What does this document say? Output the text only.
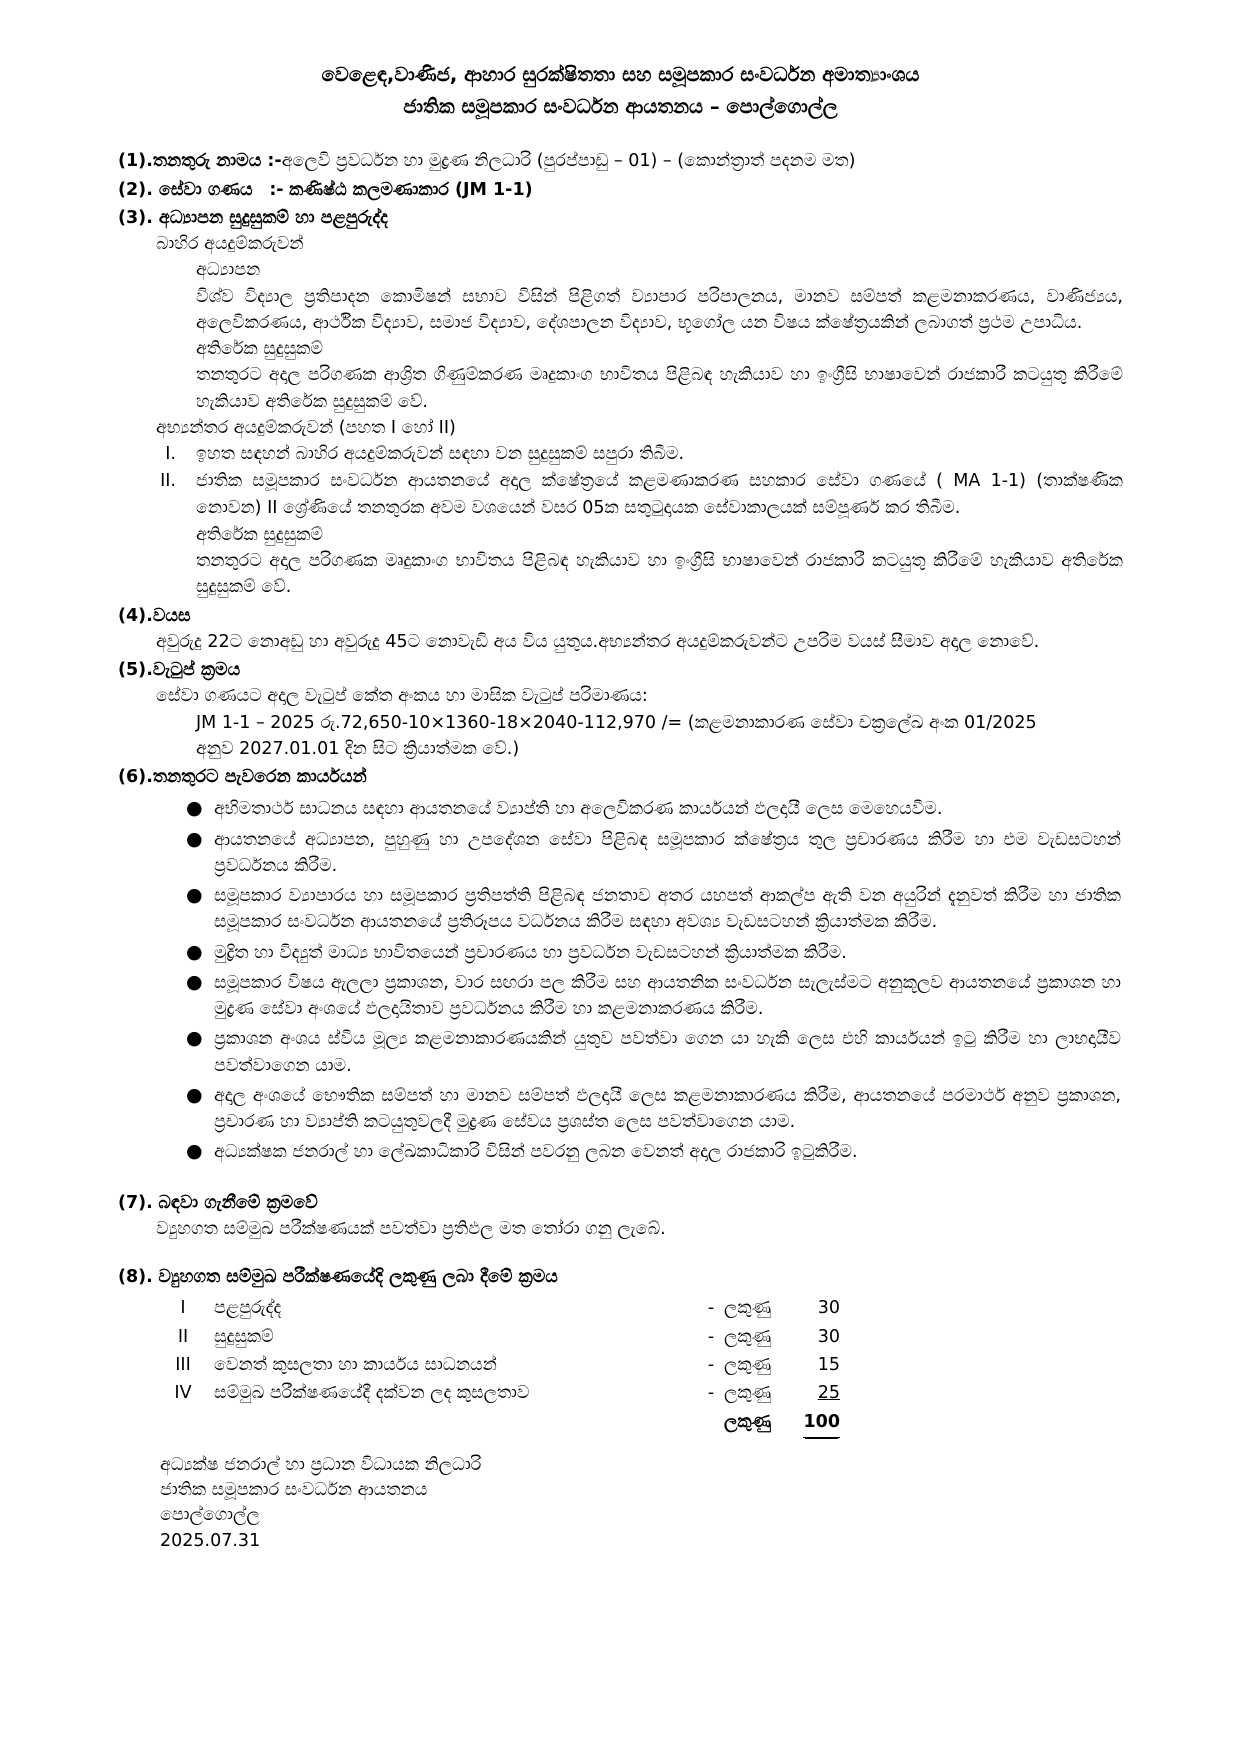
වෙළෙඳ,වාණිජ, ආහාර සුරක්ෂිතතා සහ සමූපකාර සංවර්ධන අමාත්‍යාංශය
ජාතික සමූපකාර සංවර්ධන ආයතනය – පොල්ගොල්ල
(1).තනතුරු නාමය :-අලෙවි ප්‍රවර්ධන හා මුද්‍රණ නිලධාරි (පුරප්පාඩු – 01) – (කොන්ත්‍රාත් පදනම මත)
(2). සේවා ගණය :- කණිෂ්ඨ කලමණාකාර (JM 1-1)
(3). අධ්‍යාපන සුදුසුකම් හා පළපුරුද්ද
බාහිර අයදුම්කරුවන්
අධ්‍යාපන
විශ්ව විද්‍යාල ප්‍රතිපාදන කොමිෂන් සභාව විසින් පිළිගත් ව්‍යාපාර පරිපාලනය, මානව සම්පත් කළමනාකරණය, වාණිජ්‍යය, අලෙවිකරණය, ආර්ථික විද්‍යාව, සමාජ විද්‍යාව, දේශපාලන විද්‍යාව, භූගෝල යන විෂය ක්ෂේත්‍රයකින් ලබාගත් ප්‍රථම උපාධිය.
අතිරේක සුදුසුකම්
තනතුරට අදාල පරිගණක ආශ්‍රිත ගිණුම්කරණ මෘදුකාංග භාවිතය පිළිබඳ හැකියාව හා ඉංග්‍රීසි භාෂාවෙන් රාජකාරී කටයුතු කිරීමේ හැකියාව අතිරේක සුදුසුකම් වේ.
අභ්‍යන්තර අයදුම්කරුවන් (පහත I හෝ II)
I.	ඉහත සඳහන් බාහිර අයදුම්කරුවන් සඳහා වන සුදුසුකම් සපුරා තිබීම.
II.	ජාතික සමූපකාර සංවර්ධන ආයතනයේ අදාල ක්ෂේත්‍රයේ කළමණාකරණ සහකාර සේවා ගණයේ ( MA 1-1) (තාක්ෂණික නොවන) II ශ්‍රේණියේ තනතුරක අවම වශයෙන් වසර 05ක සතුටුදායක සේවාකාලයක් සම්පූර්ණ කර තිබීම.
අතිරේක සුදුසුකම්
තනතුරට අදාල පරිගණක මෘදුකාංග භාවිතය පිළිබඳ හැකියාව හා ඉංග්‍රීසි භාෂාවෙන් රාජකාරී කටයුතු කිරීමේ හැකියාව අතිරේක සුදුසුකම් වේ.
(4).වයස
අවුරුදු 22ට නොඅඩු හා අවුරුදු 45ට නොවැඩි අය විය යුතුය.අභ්‍යන්තර අයදුම්කරුවන්ට උපරිම වයස් සීමාව අදාල නොවේ.
(5).වැටුප් ක්‍රමය
සේවා ගණයට අදාල වැටුප් කේත අංකය හා මාසික වැටුප් පරිමාණය:
JM 1-1 – 2025 රු.72,650-10×1360-18×2040-112,970 /= (කළමනාකාරණ සේවා චක්‍රලේඛ අංක 01/2025
අනුව 2027.01.01 දින සිට ක්‍රියාත්මක වේ.)
(6).තනතුරට පැවරෙන කාර්යයන්
● අභිමතාර්ථ සාධනය සඳහා ආයතනයේ ව්‍යාප්ති හා අලෙවිකරණ කාර්යයන් ඵලදායී ලෙස මෙහෙයවීම.
● ආයතනයේ අධ්‍යාපන, පුහුණු හා උපදේශන සේවා පිළිබඳ සමූපකාර ක්ෂේත්‍රය තුල ප්‍රචාරණය කිරීම හා එම වැඩසටහන් ප්‍රවර්ධනය කිරීම.
● සමූපකාර ව්‍යාපාරය හා සමූපකාර ප්‍රතිපත්ති පිළිබඳ ජනතාව අතර යහපත් ආකල්ප ඇති වන අයුරින් දැනුවත් කිරීම හා ජාතික සමූපකාර සංවර්ධන ආයතනයේ ප්‍රතිරූපය වර්ධනය කිරීම සඳහා අවශ්‍ය වැඩසටහන් ක්‍රියාත්මක කිරීම.
● මුද්‍රිත හා විද්‍යුත් මාධ්‍ය භාවිතයෙන් ප්‍රචාරණය හා ප්‍රවර්ධන වැඩසටහන් ක්‍රියාත්මක කිරීම.
● සමූපකාර විෂය ඇලලා ප්‍රකාශන, වාර සඟරා පල කිරීම සහ ආයතනික සංවර්ධන සැලැස්මට අනුකූලව ආයතනයේ ප්‍රකාශන හා මුද්‍රණ සේවා අංශයේ ඵලදායිතාව ප්‍රවර්ධනය කිරීම හා කළමනාකරණය කිරීම.
● ප්‍රකාශන අංශය ස්වීය මූල්‍ය කළමනාකාරණයකින් යුතුව පවත්වා ගෙන යා හැකි ලෙස එහි කාර්යයන් ඉටු කිරීම හා ලාභදායීව පවත්වාගෙන යාම.
● අදාල අංශයේ භෞතික සම්පත් හා මානව සම්පත් ඵලදායී ලෙස කළමනාකාරණය කිරීම, ආයතනයේ පරමාර්ථ අනුව ප්‍රකාශන, ප්‍රචාරණ හා ව්‍යාප්ති කටයුතුවලදී මුද්‍රණ සේවය ප්‍රශස්ත ලෙස පවත්වාගෙන යාම.
● අධ්‍යක්ෂක ජනරාල් හා ලේඛකාධිකාරි විසින් පවරනු ලබන වෙනත් අදාල රාජකාරි ඉටුකිරීම.
(7). බඳවා ගැනීමේ ක්‍රමවේ
ව්‍යුහගත සම්මුඛ පරීක්ෂණයක් පවත්වා ප්‍රතිඵල මත තෝරා ගනු ලැබේ.
(8). ව්‍යුහගත සම්මුඛ පරීක්ෂණයේදි ලකුණු ලබා දීමේ ක්‍රමය
I	පළපුරුද්ද	-	ලකුණු	30
II	සුදුසුකම්	-	ලකුණු	30
III	වෙනත් කුසලතා හා කාර්යය සාධනයන්	-	ලකුණු	15
IV	සම්මුඛ පරීක්ෂණයේදී දක්වන ලද කුසලතාව	-	ලකුණු	25
			ලකුණු	100
අධ්‍යක්ෂ ජනරාල් හා ප්‍රධාන විධායක නිලධාරි
ජාතික සමූපකාර සංවර්ධන ආයතනය
පොල්ගොල්ල
2025.07.31
